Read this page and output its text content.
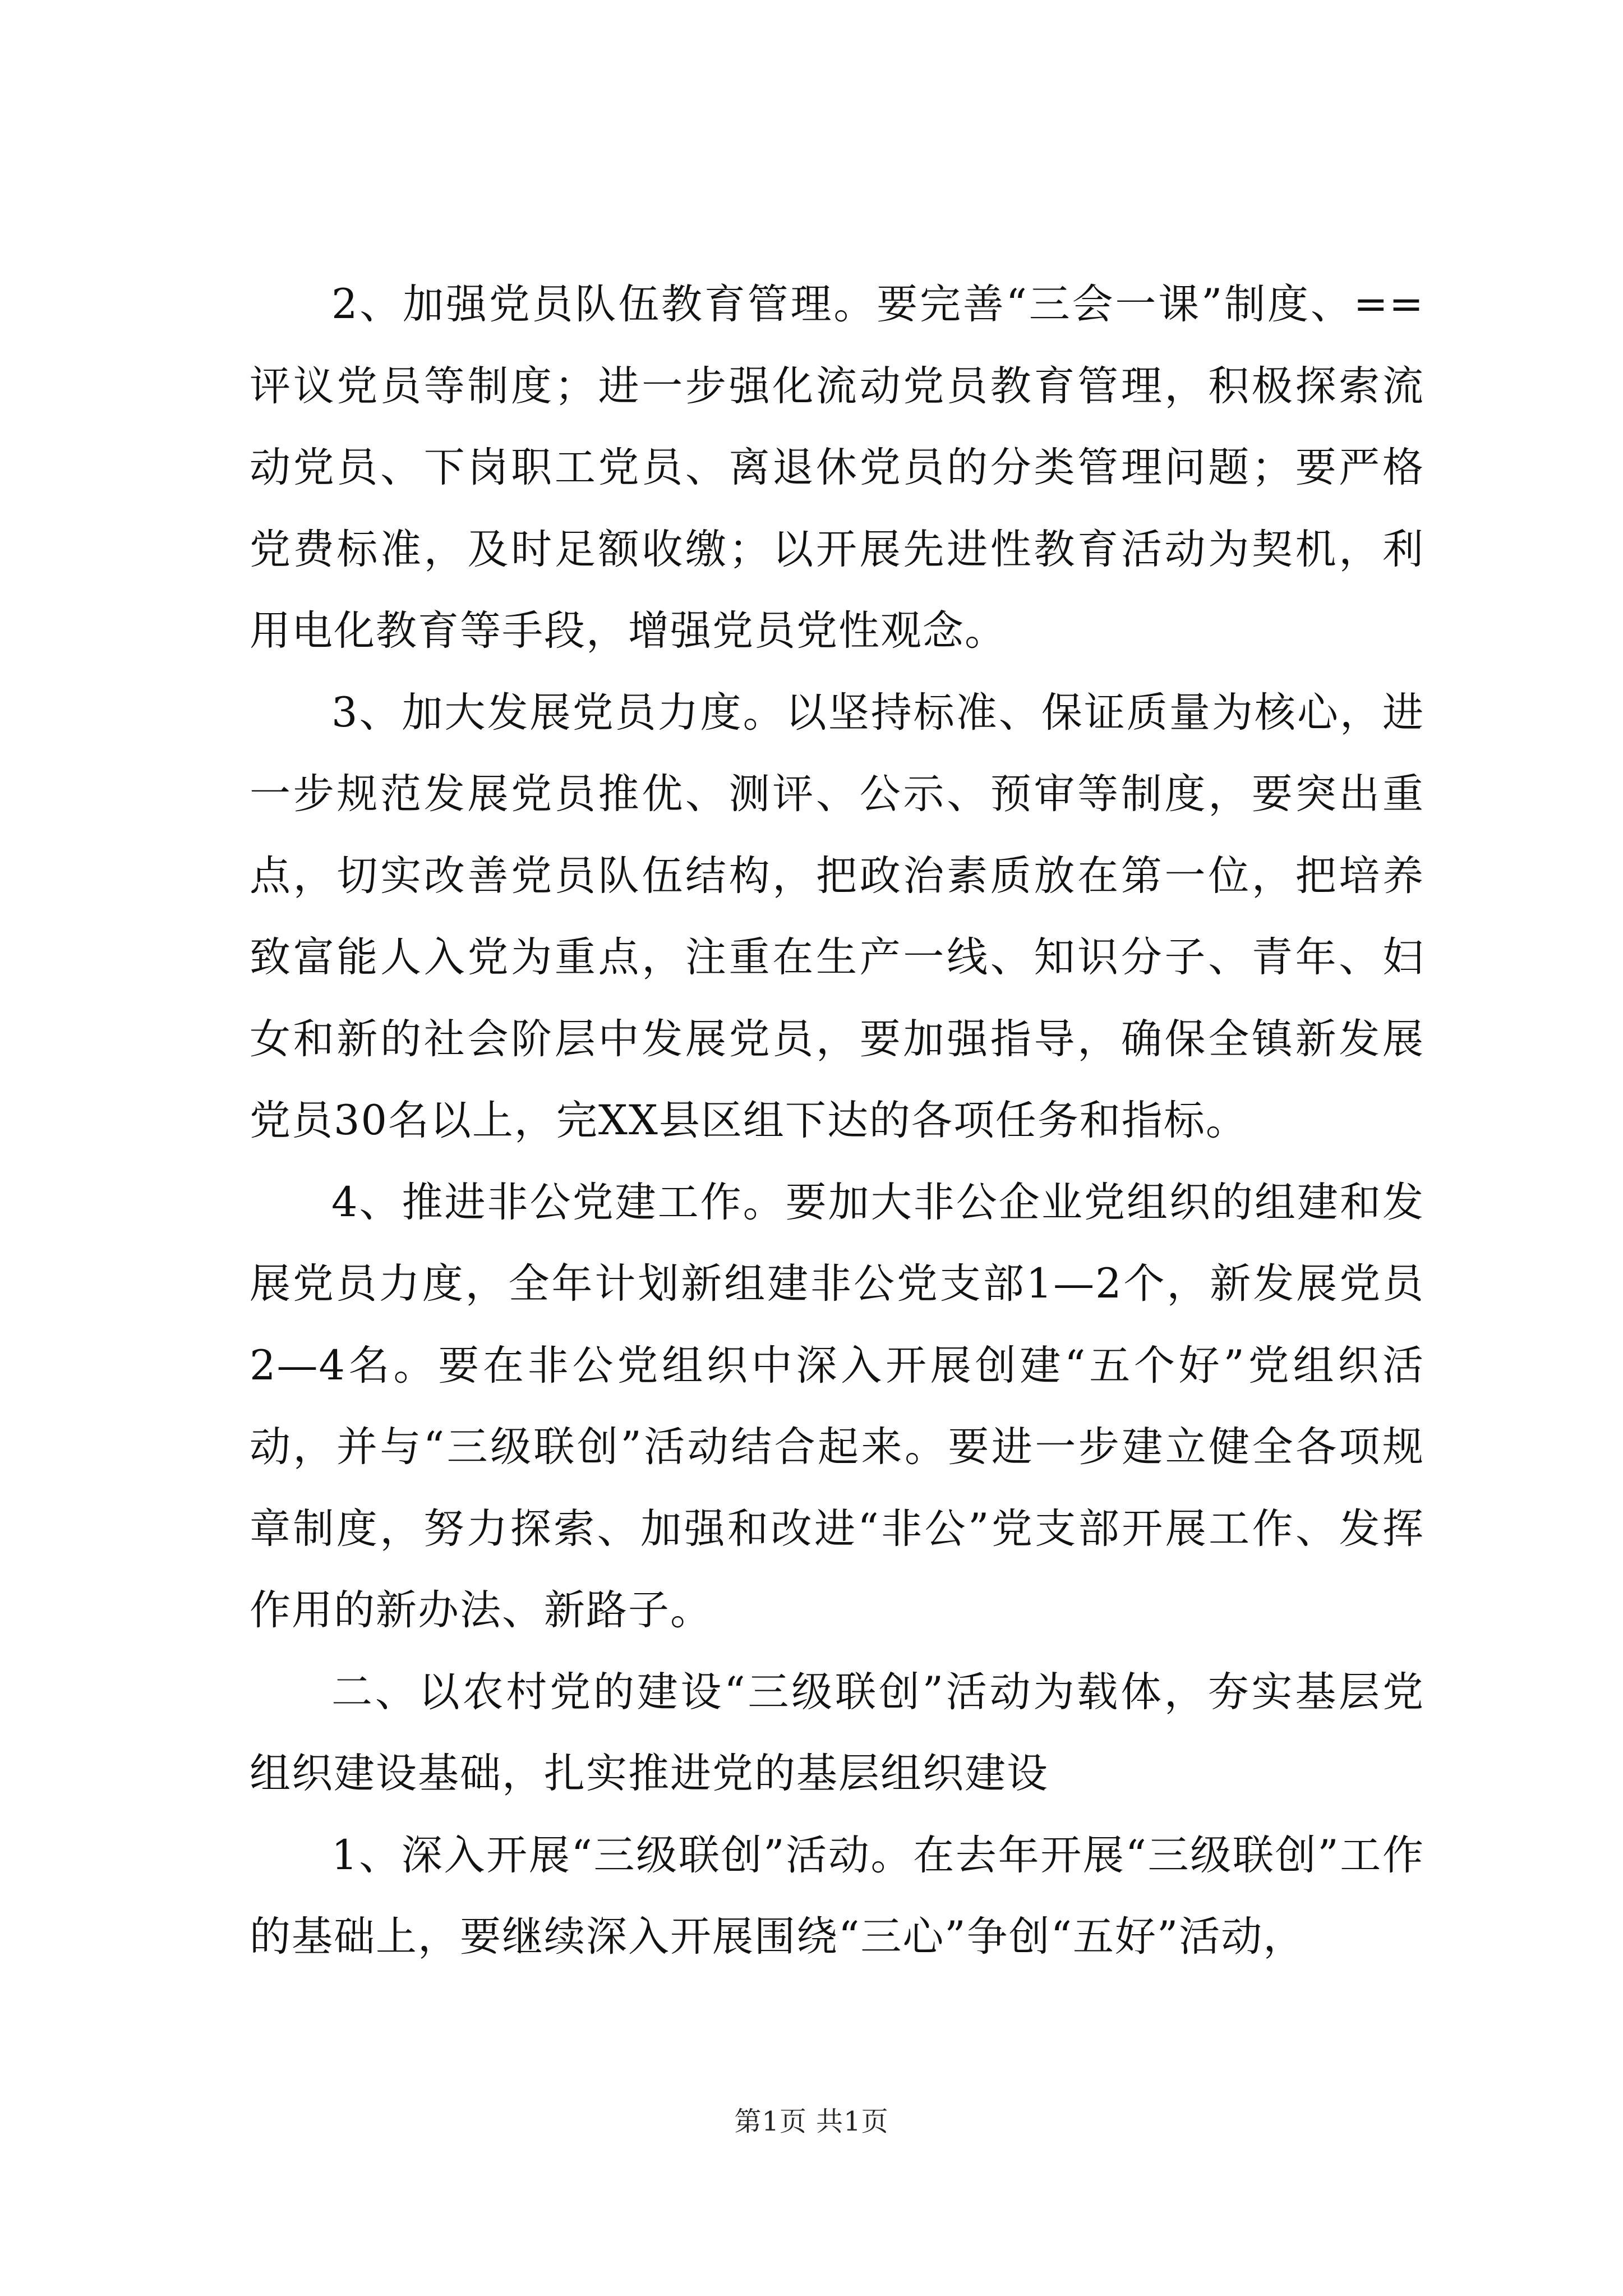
2、加强党员队伍教育管理。要完善“三会一课”制度、==评议党员等制度；进一步强化流动党员教育管理，积极探索流动党员、下岗职工党员、离退休党员的分类管理问题；要严格党费标准，及时足额收缴；以开展先进性教育活动为契机，利用电化教育等手段，增强党员党性观念。

3、加大发展党员力度。以坚持标准、保证质量为核心，进一步规范发展党员推优、测评、公示、预审等制度，要突出重点，切实改善党员队伍结构，把政治素质放在第一位，把培养致富能人入党为重点，注重在生产一线、知识分子、青年、妇女和新的社会阶层中发展党员，要加强指导，确保全镇新发展党员30名以上，完XX县区组下达的各项任务和指标。

4、推进非公党建工作。要加大非公企业党组织的组建和发展党员力度，全年计划新组建非公党支部1—2个，新发展党员2—4名。要在非公党组织中深入开展创建“五个好”党组织活动，并与“三级联创”活动结合起来。要进一步建立健全各项规章制度，努力探索、加强和改进“非公”党支部开展工作、发挥作用的新办法、新路子。

二、以农村党的建设“三级联创”活动为载体，夯实基层党组织建设基础，扎实推进党的基层组织建设

1、深入开展“三级联创”活动。在去年开展“三级联创”工作的基础上，要继续深入开展围绕“三心”争创“五好”活动，

第1页 共1页
